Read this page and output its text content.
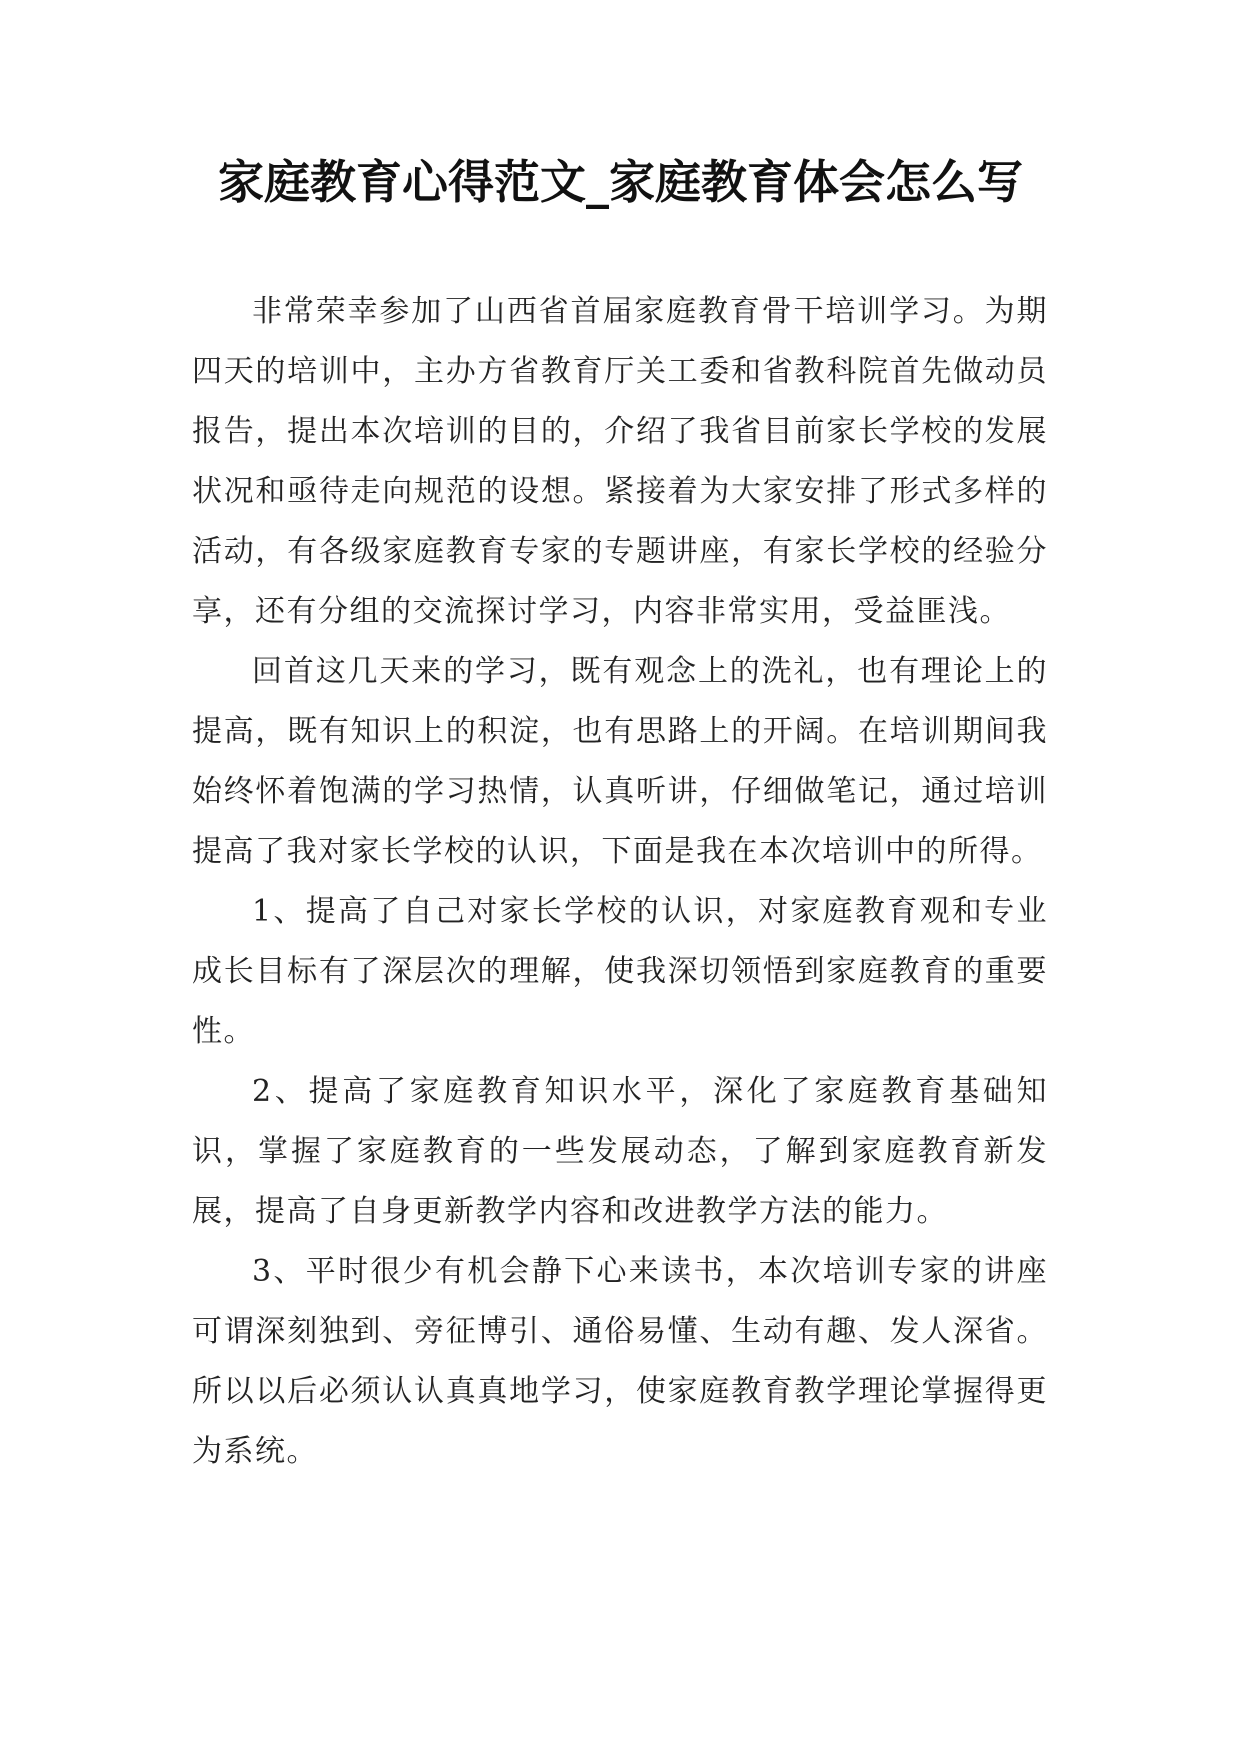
家庭教育心得范文_家庭教育体会怎么写

非常荣幸参加了山西省首届家庭教育骨干培训学习。为期四天的培训中，主办方省教育厅关工委和省教科院首先做动员报告，提出本次培训的目的，介绍了我省目前家长学校的发展状况和亟待走向规范的设想。紧接着为大家安排了形式多样的活动，有各级家庭教育专家的专题讲座，有家长学校的经验分享，还有分组的交流探讨学习，内容非常实用，受益匪浅。

回首这几天来的学习，既有观念上的洗礼，也有理论上的提高，既有知识上的积淀，也有思路上的开阔。在培训期间我始终怀着饱满的学习热情，认真听讲，仔细做笔记，通过培训提高了我对家长学校的认识，下面是我在本次培训中的所得。

1、提高了自己对家长学校的认识，对家庭教育观和专业成长目标有了深层次的理解，使我深切领悟到家庭教育的重要性。

2、提高了家庭教育知识水平，深化了家庭教育基础知识，掌握了家庭教育的一些发展动态，了解到家庭教育新发展，提高了自身更新教学内容和改进教学方法的能力。

3、平时很少有机会静下心来读书，本次培训专家的讲座可谓深刻独到、旁征博引、通俗易懂、生动有趣、发人深省。所以以后必须认认真真地学习，使家庭教育教学理论掌握得更为系统。
